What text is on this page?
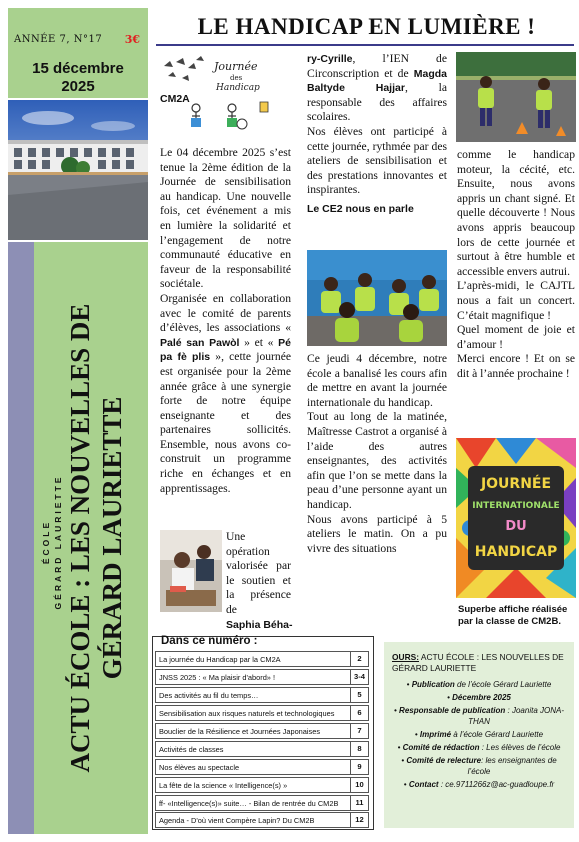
ANNÉE 7, N°17 3€
15 décembre
2025
ÉCOLE GÉRARD LAURIETTE ACTU ÉCOLE : LES NOUVELLES DE GÉRARD LAURIETTE
LE HANDICAP EN LUMIÈRE !
Journée
des
Handicap
CM2A

Le 04 décembre 2025 s’est tenue la 2ème édition de la Journée de sensibilisation au handicap. Une nouvelle fois, cet événement a mis en lumière la solidarité et l’engagement de notre communauté éducative en faveur de la responsabilité sociétale.

Organisée en collaboration avec le comité de parents d’élèves, les associations « Palé san Pawòl » et « Pé pa fè plis », cette journée est organisée pour la 2ème année grâce à une synergie forte de notre équipe enseignante et des partenaires sollicités. Ensemble, nous avons co-construit un programme riche en échanges et en apprentissages.

Une opération valorisée par le soutien et la présence de

Saphia Béha-

ry-Cyrille, l’IEN de Circonscription et de Magda Baltyde Hajjar, la responsable des affaires scolaires.

Nos élèves ont participé à cette journée, rythmée par des ateliers de sensibilisation et des prestations innovantes et inspirantes.

Le CE2 nous en parle

Ce jeudi 4 décembre, notre école a banalisé les cours afin de mettre en avant la journée internationale du handicap.

Tout au long de la matinée, Maîtresse Castrot a organisé à l’aide des autres enseignantes, des activités afin que l’on se mette dans la peau d’une personne ayant un handicap.

Nous avons participé à 5 ateliers le matin. On a pu vivre des situations

comme le handicap moteur, la cécité, etc. Ensuite, nous avons appris un chant signé. Et quelle découverte ! Nous avons appris beaucoup lors de cette journée et surtout à être humble et accessible envers autrui.

L’après-midi, le CAJTL nous a fait un concert. C’était magnifique !

Quel moment de joie et d’amour !

Merci encore ! Et on se dit à l’année prochaine !

JOURNÉE
INTERNATIONALE
DU
HANDICAP
Superbe affiche réalisée par la classe de CM2B.
Dans ce numéro :
La journée du Handicap par la CM2A	2
JNSS 2025 : « Ma plaisir d'abord» !	3-4
Des activités au fil du temps…	5
Sensibilisation aux risques naturels et technologiques	6
Bouclier de la Résilience et Journées Japonaises	7
Activités de classes	8
Nos élèves au spectacle	9
La fête de la science « Intelligence(s) »	10
ff- «Intelligence(s)» suite… - Bilan de rentrée du CM2B	11
Agenda - D'où vient Compère Lapin? Du CM2B	12
OURS: ACTU ÉCOLE : LES NOUVELLES DE GÉRARD LAURIETTE
• Publication de l’école Gérard Lauriette
• Décembre 2025
• Responsable de publication : Joanita JONA-THAN
• Imprimé à l’école Gérard Lauriette
• Comité de rédaction : Les élèves de l’école
• Comité de relecture: les enseignantes de l’école
• Contact : ce.9711266z@ac-guadloupe.fr
